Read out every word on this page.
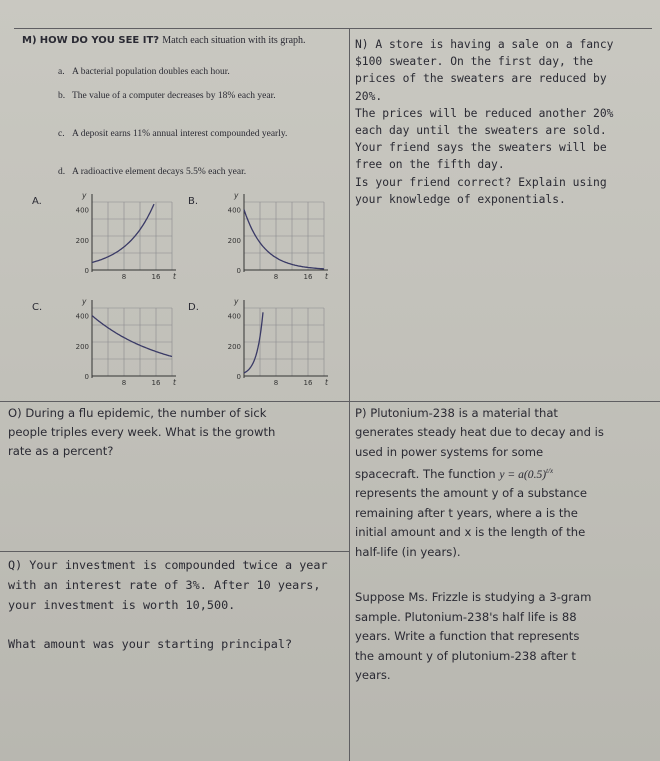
M) HOW DO YOU SEE IT? Match each situation with its graph.
a. A bacterial population doubles each hour.
b. The value of a computer decreases by 18% each year.
c. A deposit earns 11% annual interest compounded yearly.
d. A radioactive element decays 5.5% each year.
A.	B.
C.	D.
400
200
0
8	16
y
t
400
200
0
8	16
y
t
400
200
0
8	16
y
t
400
200
0
8	16
y
t
N) A store is having a sale on a fancy
$100 sweater. On the first day, the
prices of the sweaters are reduced by
20%.
The prices will be reduced another 20%
each day until the sweaters are sold.
Your friend says the sweaters will be
free on the fifth day.
Is your friend correct? Explain using
your knowledge of exponentials.
O) During a flu epidemic, the number of sick
people triples every week. What is the growth
rate as a percent?
P) Plutonium-238 is a material that
generates steady heat due to decay and is
used in power systems for some
spacecraft. The function y = a(0.5)$^{t/x}$
represents the amount y of a substance
remaining after t years, where a is the
initial amount and x is the length of the
half-life (in years).
Suppose Ms. Frizzle is studying a 3-gram
sample. Plutonium-238's half life is 88
years. Write a function that represents
the amount y of plutonium-238 after t
years.
Q) Your investment is compounded twice a year
with an interest rate of 3%. After 10 years,
your investment is worth 10,500.
What amount was your starting principal?
